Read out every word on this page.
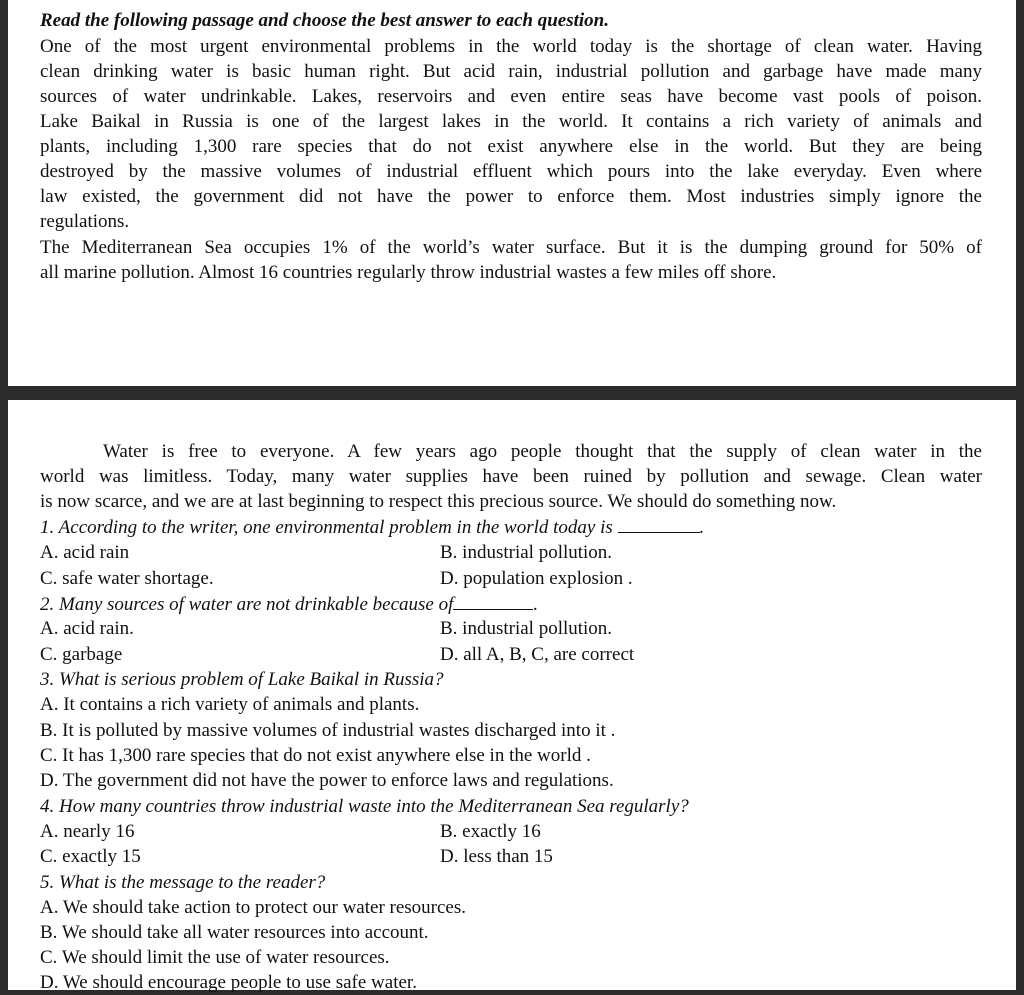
Read the following passage and choose the best answer to each question.
One of the most urgent environmental problems in the world today is the shortage of clean water. Having
clean drinking water is basic human right. But acid rain, industrial pollution and garbage have made many
sources of water undrinkable. Lakes, reservoirs and even entire seas have become vast pools of poison.
Lake Baikal in Russia is one of the largest lakes in the world. It contains a rich variety of animals and
plants, including 1,300 rare species that do not exist anywhere else in the world. But they are being
destroyed by the massive volumes of industrial effluent which pours into the lake everyday. Even where
law existed, the government did not have the power to enforce them. Most industries simply ignore the
regulations.
The Mediterranean Sea occupies 1% of the world’s water surface. But it is the dumping ground for 50% of
all marine pollution. Almost 16 countries regularly throw industrial wastes a few miles off shore.
Water is free to everyone. A few years ago people thought that the supply of clean water in the
world was limitless. Today, many water supplies have been ruined by pollution and sewage. Clean water
is now scarce, and we are at last beginning to respect this precious source. We should do something now.
1. According to the writer, one environmental problem in the world today is	.
A. acid rain	B. industrial pollution.
C. safe water shortage.	D. population explosion .
2. Many sources of water are not drinkable because of	.
A. acid rain.	B. industrial pollution.
C. garbage	D. all A, B, C, are correct
3. What is serious problem of Lake Baikal in Russia?
A. It contains a rich variety of animals and plants.
B. It is polluted by massive volumes of industrial wastes discharged into it .
C. It has 1,300 rare species that do not exist anywhere else in the world .
D. The government did not have the power to enforce laws and regulations.
4. How many countries throw industrial waste into the Mediterranean Sea regularly?
A. nearly 16	B. exactly 16
C. exactly 15	D. less than 15
5. What is the message to the reader?
A. We should take action to protect our water resources.
B. We should take all water resources into account.
C. We should limit the use of water resources.
D. We should encourage people to use safe water.
